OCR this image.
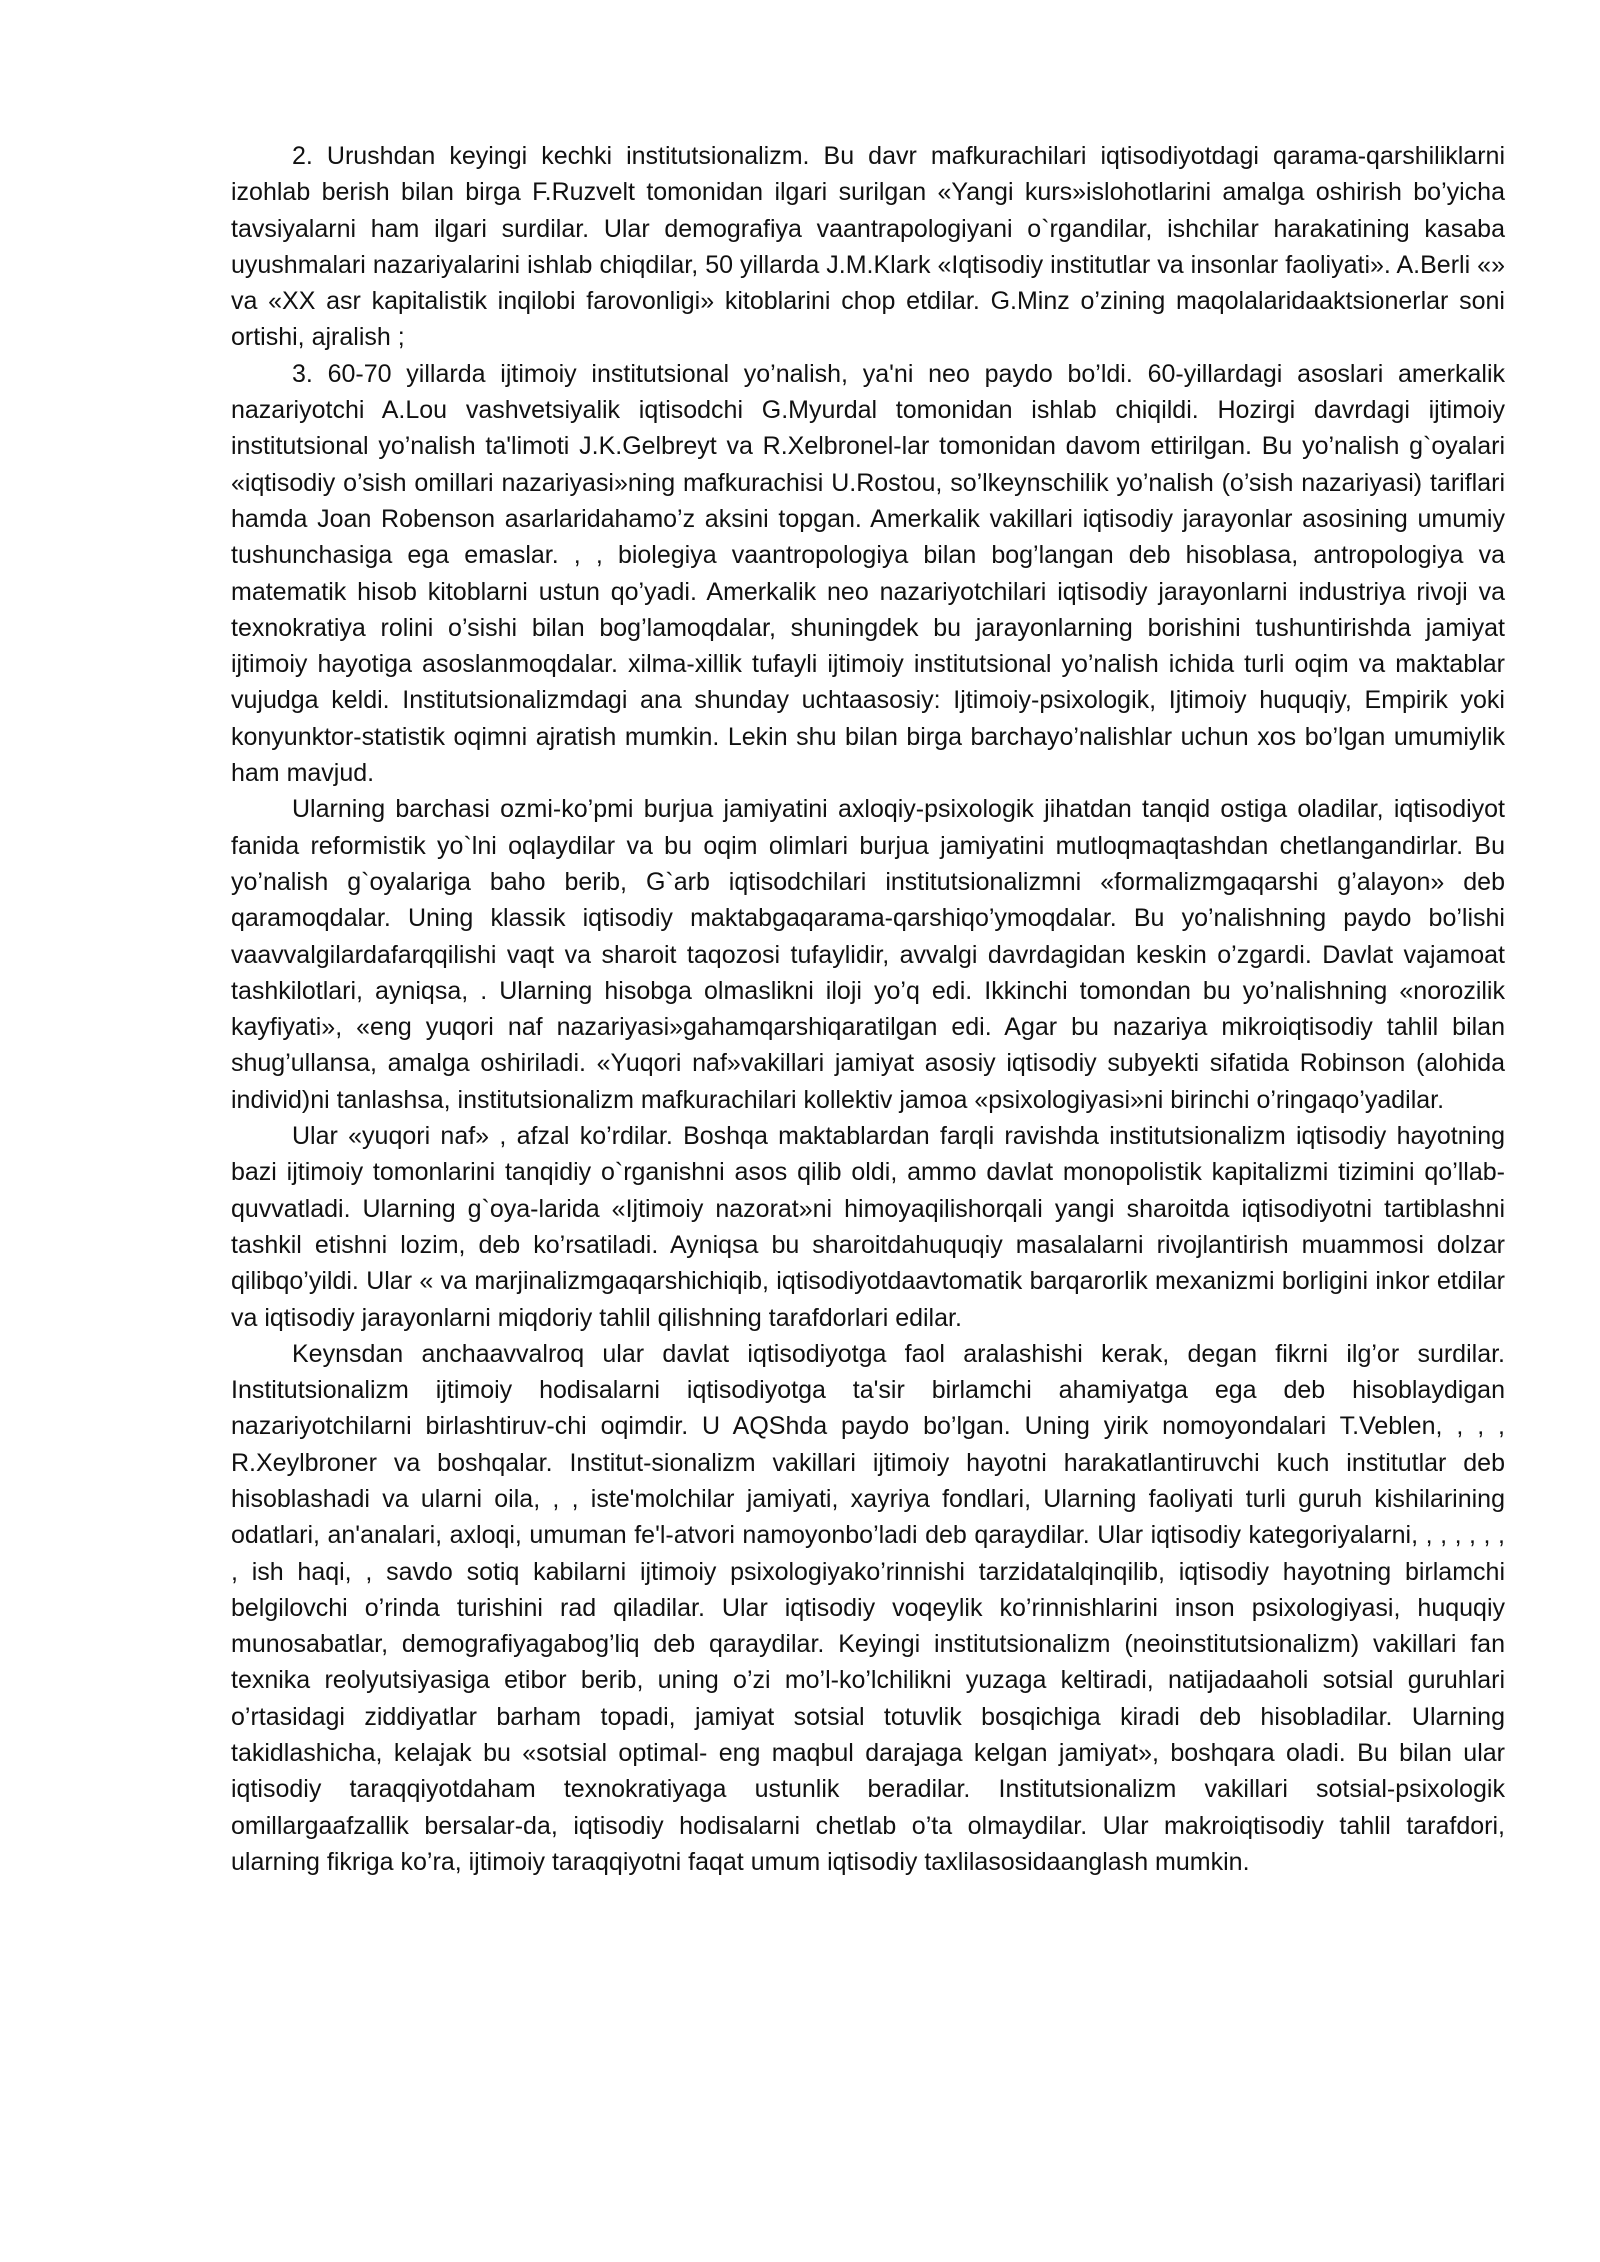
2. Urushdan keyingi kechki institutsionalizm. Bu davr mafkurachilari iqtisodiyotdagi qarama-qarshiliklarni izohlab berish bilan birga F.Ruzvelt tomonidan ilgari surilgan «Yangi kurs»islohotlarini amalga oshirish bo’yicha tavsiyalarni ham ilgari surdilar. Ular demografiya vaantrapologiyani o`rgandilar, ishchilar harakatining kasaba uyushmalari nazariyalarini ishlab chiqdilar, 50 yillarda J.M.Klark «Iqtisodiy institutlar va insonlar faoliyati». A.Berli «» va «XX asr kapitalistik inqilobi farovonligi» kitoblarini chop etdilar. G.Minz o’zining maqolalaridaaktsionerlar soni ortishi, ajralish ;

3. 60-70 yillarda ijtimoiy institutsional yo’nalish, ya'ni neo paydo bo’ldi. 60-yillardagi asoslari amerkalik nazariyotchi A.Lou vashvetsiyalik iqtisodchi G.Myurdal tomonidan ishlab chiqildi. Hozirgi davrdagi ijtimoiy institutsional yo’nalish ta'limoti J.K.Gelbreyt va R.Xelbronel-lar tomonidan davom ettirilgan. Bu yo’nalish g`oyalari «iqtisodiy o’sish omillari nazariyasi»ning mafkurachisi U.Rostou, so’lkeynschilik yo’nalish (o’sish nazariyasi) tariflari hamda Joan Robenson asarlaridahamo’z aksini topgan. Amerkalik vakillari iqtisodiy jarayonlar asosining umumiy tushunchasiga ega emaslar. , , biolegiya vaantropologiya bilan bog’langan deb hisoblasa, antropologiya va matematik hisob kitoblarni ustun qo’yadi. Amerkalik neo nazariyotchilari iqtisodiy jarayonlarni industriya rivoji va texnokratiya rolini o’sishi bilan bog’lamoqdalar, shuningdek bu jarayonlarning borishini tushuntirishda jamiyat ijtimoiy hayotiga asoslanmoqdalar. xilma-xillik tufayli ijtimoiy institutsional yo’nalish ichida turli oqim va maktablar vujudga keldi. Institutsionalizmdagi ana shunday uchtaasosiy: Ijtimoiy-psixologik, Ijtimoiy huquqiy, Empirik yoki konyunktor-statistik oqimni ajratish mumkin. Lekin shu bilan birga barchayo’nalishlar uchun xos bo’lgan umumiylik ham mavjud.

Ularning barchasi ozmi-ko’pmi burjua jamiyatini axloqiy-psixologik jihatdan tanqid ostiga oladilar, iqtisodiyot fanida reformistik yo`lni oqlaydilar va bu oqim olimlari burjua jamiyatini mutloqmaqtashdan chetlangandirlar. Bu yo’nalish g`oyalariga baho berib, G`arb iqtisodchilari institutsionalizmni «formalizmgaqarshi g’alayon» deb qaramoqdalar. Uning klassik iqtisodiy maktabgaqarama-qarshiqo’ymoqdalar. Bu yo’nalishning paydo bo’lishi vaavvalgilardafarqqilishi vaqt va sharoit taqozosi tufaylidir, avvalgi davrdagidan keskin o’zgardi. Davlat vajamoat tashkilotlari, ayniqsa, . Ularning hisobga olmaslikni iloji yo’q edi. Ikkinchi tomondan bu yo’nalishning «norozilik kayfiyati», «eng yuqori naf nazariyasi»gahamqarshiqaratilgan edi. Agar bu nazariya mikroiqtisodiy tahlil bilan shug’ullansa, amalga oshiriladi. «Yuqori naf»vakillari jamiyat asosiy iqtisodiy subyekti sifatida Robinson (alohida individ)ni tanlashsa, institutsionalizm mafkurachilari kollektiv jamoa «psixologiyasi»ni birinchi o’ringaqo’yadilar.

Ular «yuqori naf» , afzal ko’rdilar. Boshqa maktablardan farqli ravishda institutsionalizm iqtisodiy hayotning bazi ijtimoiy tomonlarini tanqidiy o`rganishni asos qilib oldi, ammo davlat monopolistik kapitalizmi tizimini qo’llab-quvvatladi. Ularning g`oya-larida «Ijtimoiy nazorat»ni himoyaqilishorqali yangi sharoitda iqtisodiyotni tartiblashni tashkil etishni lozim, deb ko’rsatiladi. Ayniqsa bu sharoitdahuquqiy masalalarni rivojlantirish muammosi dolzar qilibqo’yildi. Ular « va marjinalizmgaqarshichiqib, iqtisodiyotdaavtomatik barqarorlik mexanizmi borligini inkor etdilar va iqtisodiy jarayonlarni miqdoriy tahlil qilishning tarafdorlari edilar.

Keynsdan anchaavvalroq ular davlat iqtisodiyotga faol aralashishi kerak, degan fikrni ilg’or surdilar. Institutsionalizm ijtimoiy hodisalarni iqtisodiyotga ta'sir birlamchi ahamiyatga ega deb hisoblaydigan nazariyotchilarni birlashtiruv-chi oqimdir. U AQShda paydo bo’lgan. Uning yirik nomoyondalari T.Veblen, , , , R.Xeylbroner va boshqalar. Institut-sionalizm vakillari ijtimoiy hayotni harakatlantiruvchi kuch institutlar deb hisoblashadi va ularni oila, , , iste'molchilar jamiyati, xayriya fondlari, Ularning faoliyati turli guruh kishilarining odatlari, an'analari, axloqi, umuman fe'l-atvori namoyonbo’ladi deb qaraydilar. Ular iqtisodiy kategoriyalarni, , , , , , , , ish haqi, , savdo sotiq kabilarni ijtimoiy psixologiyako’rinnishi tarzidatalqinqilib, iqtisodiy hayotning birlamchi belgilovchi o’rinda turishini rad qiladilar. Ular iqtisodiy voqeylik ko’rinnishlarini inson psixologiyasi, huquqiy munosabatlar, demografiyagabog’liq deb qaraydilar. Keyingi institutsionalizm (neoinstitutsionalizm) vakillari fan texnika reolyutsiyasiga etibor berib, uning o’zi mo’l-ko’lchilikni yuzaga keltiradi, natijadaaholi sotsial guruhlari o’rtasidagi ziddiyatlar barham topadi, jamiyat sotsial totuvlik bosqichiga kiradi deb hisobladilar. Ularning takidlashicha, kelajak bu «sotsial optimal- eng maqbul darajaga kelgan jamiyat», boshqara oladi. Bu bilan ular iqtisodiy taraqqiyotdaham texnokratiyaga ustunlik beradilar. Institutsionalizm vakillari sotsial-psixologik omillargaafzallik bersalar-da, iqtisodiy hodisalarni chetlab o’ta olmaydilar. Ular makroiqtisodiy tahlil tarafdori, ularning fikriga ko’ra, ijtimoiy taraqqiyotni faqat umum iqtisodiy taxlilasosidaanglash mumkin.
